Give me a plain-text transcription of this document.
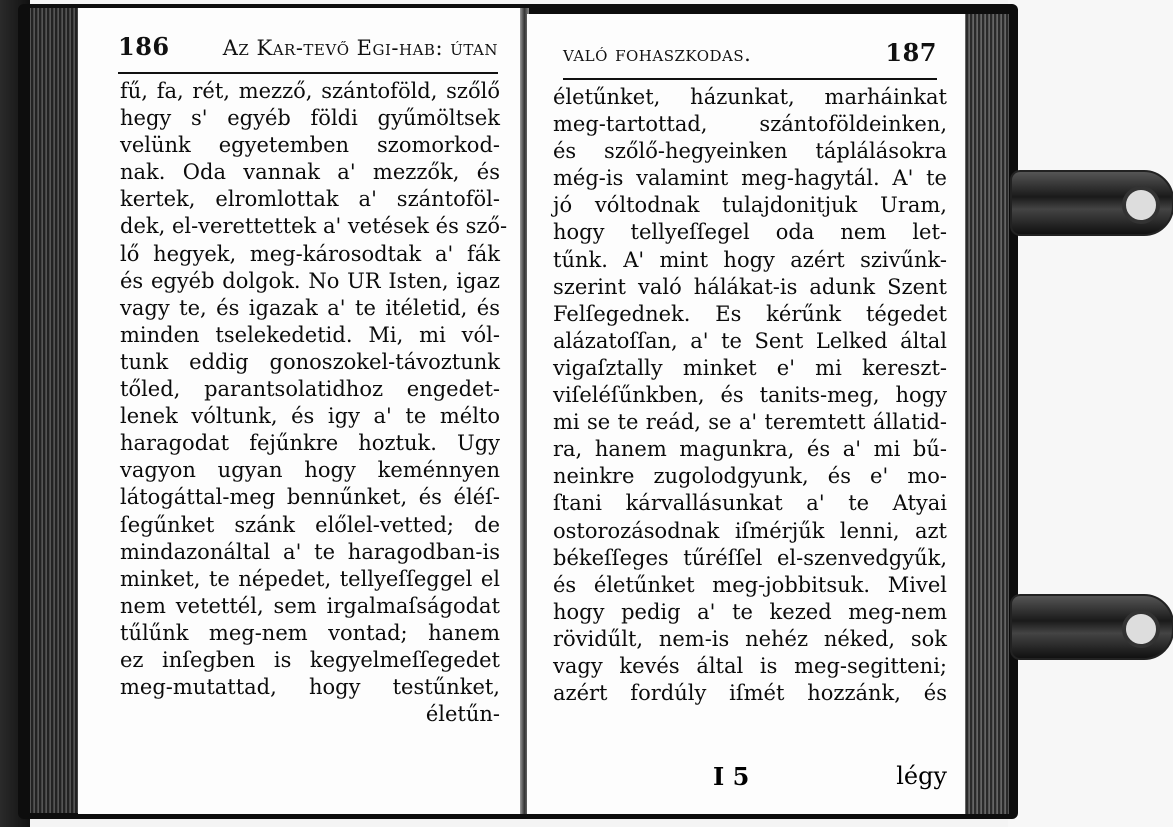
186	Az Kar-tevő Egi-hab: útan
fű, fa, rét, mezző, szántoföld, szőlő
hegy s' egyéb földi gyűmöltsek
velünk egyetemben szomorkod-
nak. Oda vannak a' mezzők, és
kertek, elromlottak a' szántoföl-
dek, el-verettettek a' vetések és sző-
lő hegyek, meg-károsodtak a' fák
és egyéb dolgok. No UR Isten, igaz
vagy te, és igazak a' te itéletid, és
minden tselekedetid. Mi, mi vól-
tunk eddig gonoszokel-távoztunk
tőled, parantsolatidhoz engedet-
lenek vóltunk, és igy a' te mélto
haragodat fejűnkre hoztuk. Ugy
vagyon ugyan hogy keménnyen
látogáttal-meg bennűnket, és éléſ-
ſegűnket szánk előlel-vetted; de
mindazonáltal a' te haragodban-is
minket, te népedet, tellyeſſeggel el
nem vetettél, sem irgalmaſságodat
tűlűnk meg-nem vontad; hanem
ez inſegben is kegyelmeſſegedet
meg-mutattad, hogy testűnket,
életűn-
való fohaszkodas.	187
életűnket, házunkat, marháinkat
meg-tartottad, szántoföldeinken,
és szőlő-hegyeinken táplálásokra
még-is valamint meg-hagytál. A' te
jó vóltodnak tulajdonitjuk Uram,
hogy tellyeſſegel oda nem let-
tűnk. A' mint hogy azért szivűnk-
szerint való hálákat-is adunk Szent
Felſegednek. Es kérűnk tégedet
alázatoſſan, a' te Sent Lelked által
vigaſztally minket e' mi kereszt-
viſeléſűnkben, és tanits-meg, hogy
mi se te reád, se a' teremtett állatid-
ra, hanem magunkra, és a' mi bű-
neinkre zugolodgyunk, és e' mo-
ſtani kárvallásunkat a' te Atyai
ostorozásodnak iſmérjűk lenni, azt
békeſſeges tűréſſel el-szenvedgyűk,
és életűnket meg-jobbitsuk. Mivel
hogy pedig a' te kezed meg-nem
rövidűlt, nem-is nehéz néked, sok
vagy kevés által is meg-segitteni;
azért fordúly iſmét hozzánk, és
I 5	légy
